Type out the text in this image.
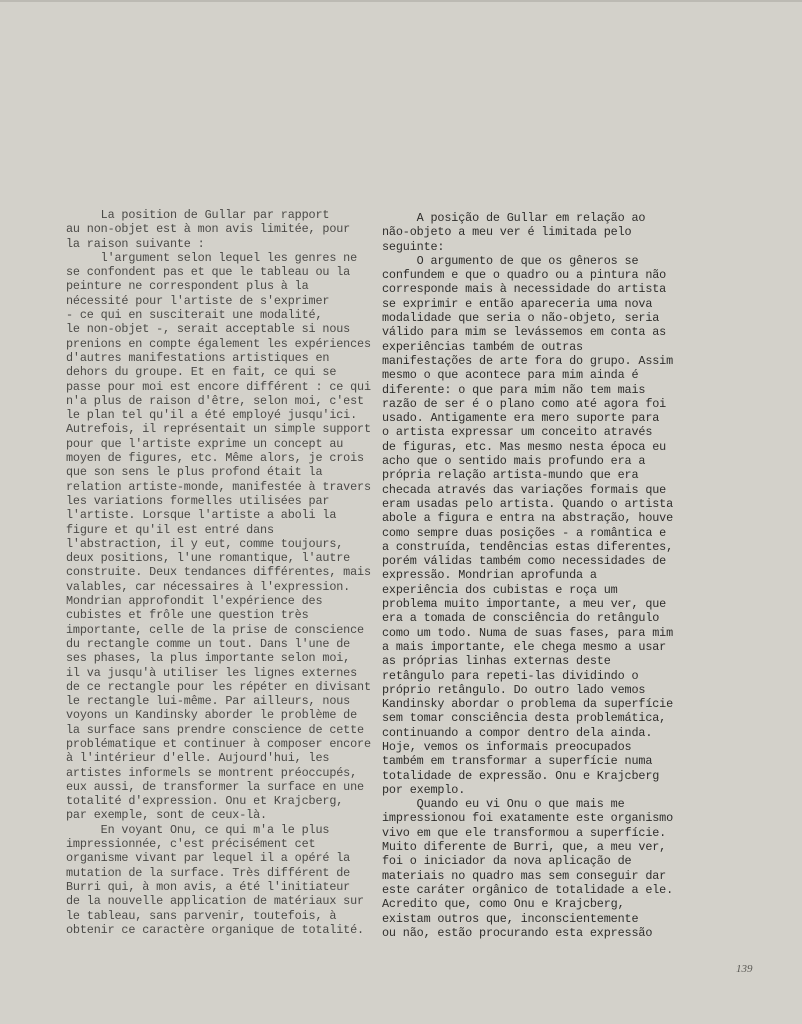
La position de Gullar par rapport
au non-objet est à mon avis limitée, pour
la raison suivante :
l'argument selon lequel les genres ne
se confondent pas et que le tableau ou la
peinture ne correspondent plus à la
nécessité pour l'artiste de s'exprimer
- ce qui en susciterait une modalité,
le non-objet -, serait acceptable si nous
prenions en compte également les expériences
d'autres manifestations artistiques en
dehors du groupe. Et en fait, ce qui se
passe pour moi est encore différent : ce qui
n'a plus de raison d'être, selon moi, c'est
le plan tel qu'il a été employé jusqu'ici.
Autrefois, il représentait un simple support
pour que l'artiste exprime un concept au
moyen de figures, etc. Même alors, je crois
que son sens le plus profond était la
relation artiste-monde, manifestée à travers
les variations formelles utilisées par
l'artiste. Lorsque l'artiste a aboli la
figure et qu'il est entré dans
l'abstraction, il y eut, comme toujours,
deux positions, l'une romantique, l'autre
construite. Deux tendances différentes, mais
valables, car nécessaires à l'expression.
Mondrian approfondit l'expérience des
cubistes et frôle une question très
importante, celle de la prise de conscience
du rectangle comme un tout. Dans l'une de
ses phases, la plus importante selon moi,
il va jusqu'à utiliser les lignes externes
de ce rectangle pour les répéter en divisant
le rectangle lui-même. Par ailleurs, nous
voyons un Kandinsky aborder le problème de
la surface sans prendre conscience de cette
problématique et continuer à composer encore
à l'intérieur d'elle. Aujourd'hui, les
artistes informels se montrent préoccupés,
eux aussi, de transformer la surface en une
totalité d'expression. Onu et Krajcberg,
par exemple, sont de ceux-là.
En voyant Onu, ce qui m'a le plus
impressionnée, c'est précisément cet
organisme vivant par lequel il a opéré la
mutation de la surface. Très différent de
Burri qui, à mon avis, a été l'initiateur
de la nouvelle application de matériaux sur
le tableau, sans parvenir, toutefois, à
obtenir ce caractère organique de totalité.
A posição de Gullar em relação ao
não-objeto a meu ver é limitada pelo
seguinte:
O argumento de que os gêneros se
confundem e que o quadro ou a pintura não
corresponde mais à necessidade do artista
se exprimir e então apareceria uma nova
modalidade que seria o não-objeto, seria
válido para mim se levássemos em conta as
experiências também de outras
manifestações de arte fora do grupo. Assim
mesmo o que acontece para mim ainda é
diferente: o que para mim não tem mais
razão de ser é o plano como até agora foi
usado. Antigamente era mero suporte para
o artista expressar um conceito através
de figuras, etc. Mas mesmo nesta época eu
acho que o sentido mais profundo era a
própria relação artista-mundo que era
checada através das variações formais que
eram usadas pelo artista. Quando o artista
abole a figura e entra na abstração, houve
como sempre duas posições - a romântica e
a construída, tendências estas diferentes,
porém válidas também como necessidades de
expressão. Mondrian aprofunda a
experiência dos cubistas e roça um
problema muito importante, a meu ver, que
era a tomada de consciência do retângulo
como um todo. Numa de suas fases, para mim
a mais importante, ele chega mesmo a usar
as próprias linhas externas deste
retângulo para repeti-las dividindo o
próprio retângulo. Do outro lado vemos
Kandinsky abordar o problema da superfície
sem tomar consciência desta problemática,
continuando a compor dentro dela ainda.
Hoje, vemos os informais preocupados
também em transformar a superfície numa
totalidade de expressão. Onu e Krajcberg
por exemplo.
Quando eu vi Onu o que mais me
impressionou foi exatamente este organismo
vivo em que ele transformou a superfície.
Muito diferente de Burri, que, a meu ver,
foi o iniciador da nova aplicação de
materiais no quadro mas sem conseguir dar
este caráter orgânico de totalidade a ele.
Acredito que, como Onu e Krajcberg,
existam outros que, inconscientemente
ou não, estão procurando esta expressão
139
